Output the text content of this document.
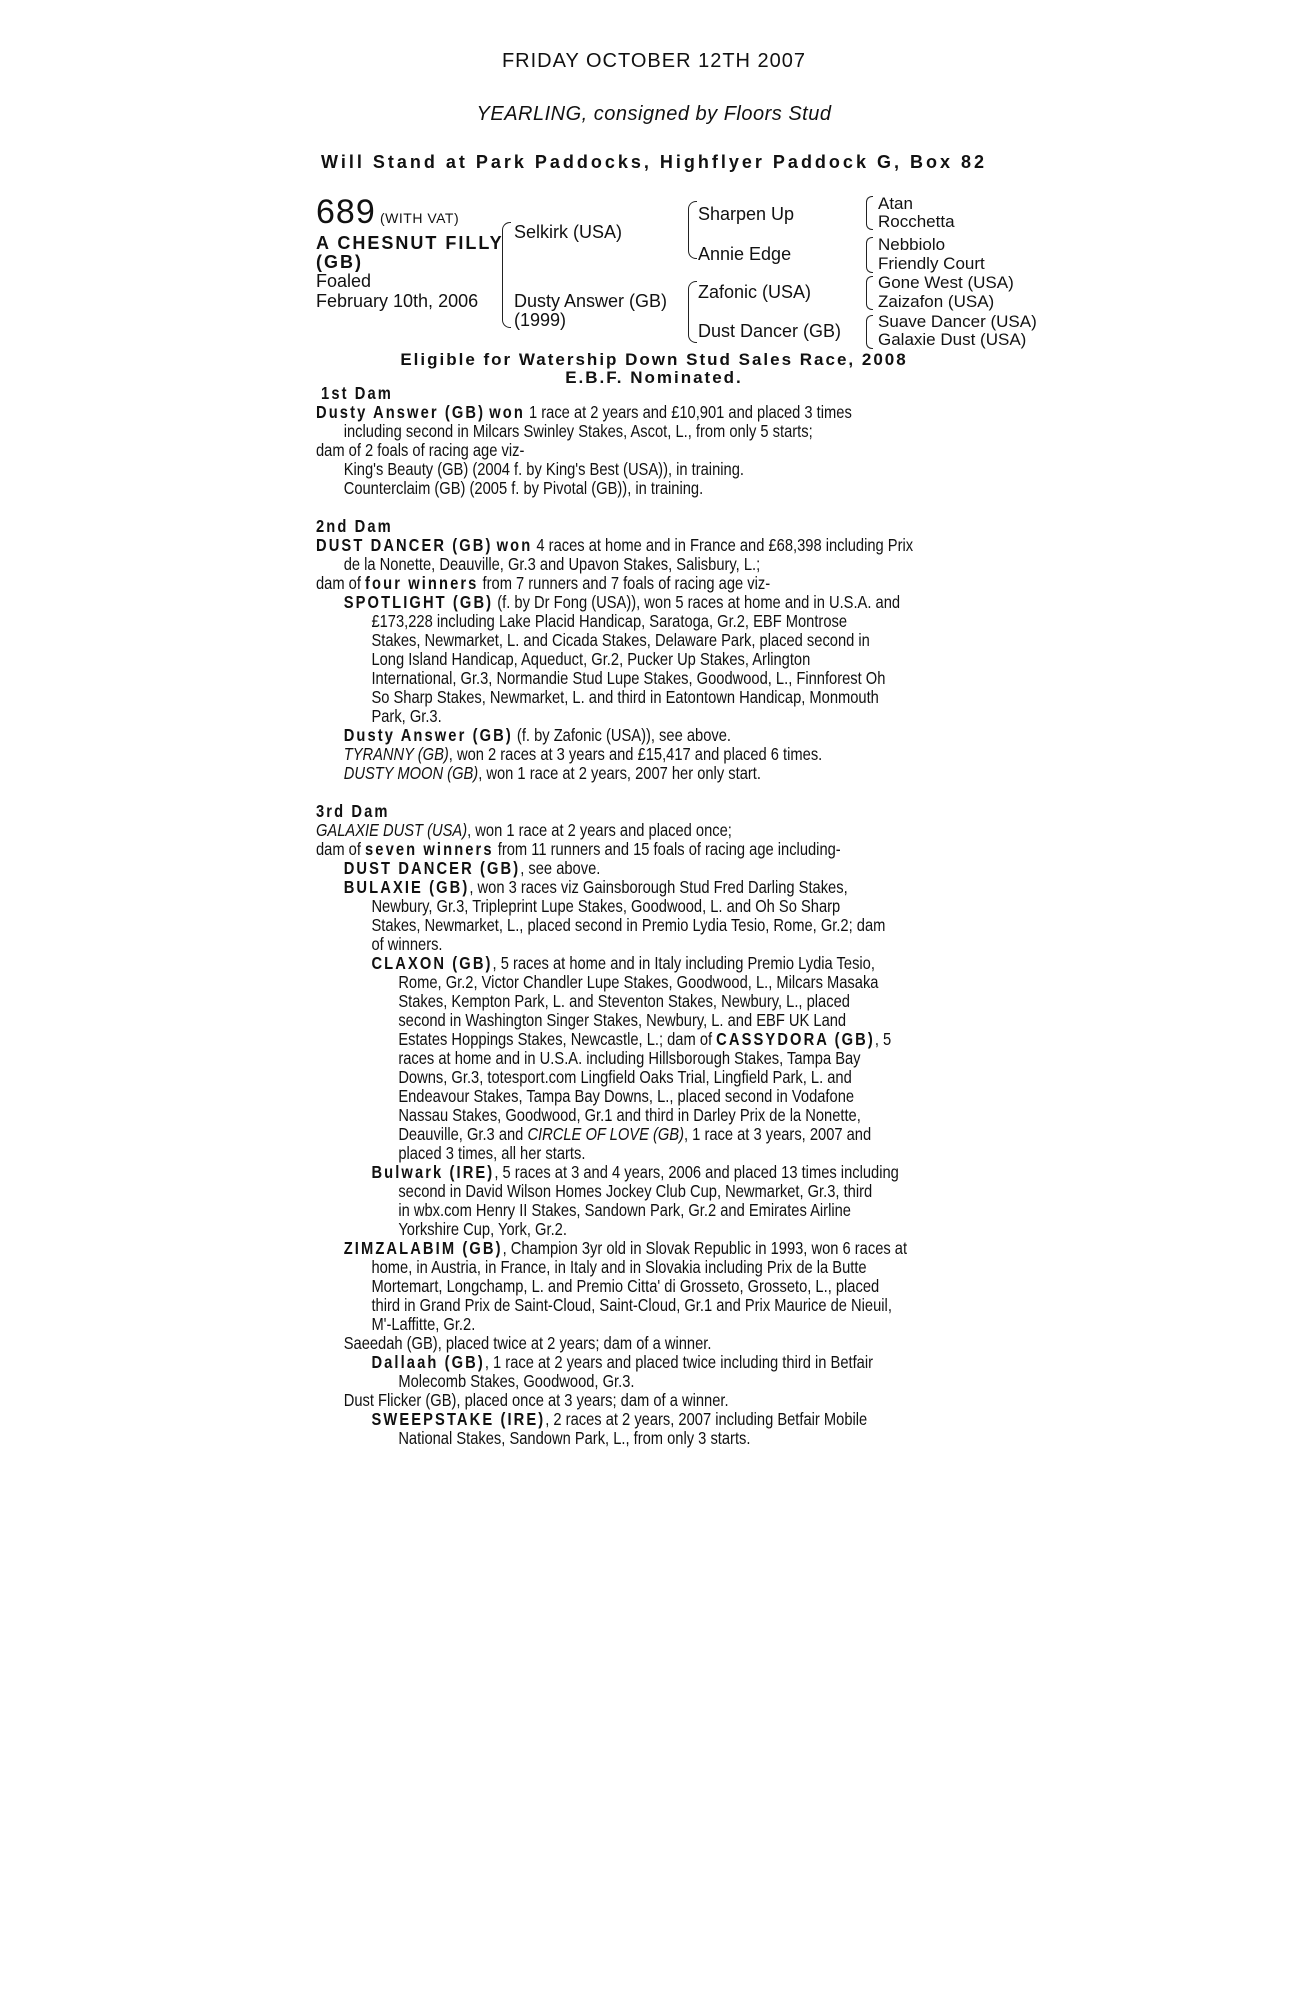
FRIDAY OCTOBER 12TH 2007
YEARLING, consigned by Floors Stud
Will Stand at Park Paddocks, Highflyer Paddock G, Box 82
689 (WITH VAT)
A CHESNUT FILLY
(GB)
Foaled
February 10th, 2006
Selkirk (USA)
Dusty Answer (GB)
(1999)
Sharpen Up
Annie Edge
Zafonic (USA)
Dust Dancer (GB)
Atan
Rocchetta
Nebbiolo
Friendly Court
Gone West (USA)
Zaizafon (USA)
Suave Dancer (USA)
Galaxie Dust (USA)
Eligible for Watership Down Stud Sales Race, 2008
E.B.F. Nominated.
1st Dam
Dusty Answer (GB) won 1 race at 2 years and £10,901 and placed 3 times
including second in Milcars Swinley Stakes, Ascot, L., from only 5 starts;
dam of 2 foals of racing age viz-
King's Beauty (GB) (2004 f. by King's Best (USA)), in training.
Counterclaim (GB) (2005 f. by Pivotal (GB)), in training.
2nd Dam
DUST DANCER (GB) won 4 races at home and in France and £68,398 including Prix
de la Nonette, Deauville, Gr.3 and Upavon Stakes, Salisbury, L.;
dam of four winners from 7 runners and 7 foals of racing age viz-
SPOTLIGHT (GB) (f. by Dr Fong (USA)), won 5 races at home and in U.S.A. and
£173,228 including Lake Placid Handicap, Saratoga, Gr.2, EBF Montrose
Stakes, Newmarket, L. and Cicada Stakes, Delaware Park, placed second in
Long Island Handicap, Aqueduct, Gr.2, Pucker Up Stakes, Arlington
International, Gr.3, Normandie Stud Lupe Stakes, Goodwood, L., Finnforest Oh
So Sharp Stakes, Newmarket, L. and third in Eatontown Handicap, Monmouth
Park, Gr.3.
Dusty Answer (GB) (f. by Zafonic (USA)), see above.
TYRANNY (GB), won 2 races at 3 years and £15,417 and placed 6 times.
DUSTY MOON (GB), won 1 race at 2 years, 2007 her only start.
3rd Dam
GALAXIE DUST (USA), won 1 race at 2 years and placed once;
dam of seven winners from 11 runners and 15 foals of racing age including-
DUST DANCER (GB), see above.
BULAXIE (GB), won 3 races viz Gainsborough Stud Fred Darling Stakes,
Newbury, Gr.3, Tripleprint Lupe Stakes, Goodwood, L. and Oh So Sharp
Stakes, Newmarket, L., placed second in Premio Lydia Tesio, Rome, Gr.2; dam
of winners.
CLAXON (GB), 5 races at home and in Italy including Premio Lydia Tesio,
Rome, Gr.2, Victor Chandler Lupe Stakes, Goodwood, L., Milcars Masaka
Stakes, Kempton Park, L. and Steventon Stakes, Newbury, L., placed
second in Washington Singer Stakes, Newbury, L. and EBF UK Land
Estates Hoppings Stakes, Newcastle, L.; dam of CASSYDORA (GB), 5
races at home and in U.S.A. including Hillsborough Stakes, Tampa Bay
Downs, Gr.3, totesport.com Lingfield Oaks Trial, Lingfield Park, L. and
Endeavour Stakes, Tampa Bay Downs, L., placed second in Vodafone
Nassau Stakes, Goodwood, Gr.1 and third in Darley Prix de la Nonette,
Deauville, Gr.3 and CIRCLE OF LOVE (GB), 1 race at 3 years, 2007 and
placed 3 times, all her starts.
Bulwark (IRE), 5 races at 3 and 4 years, 2006 and placed 13 times including
second in David Wilson Homes Jockey Club Cup, Newmarket, Gr.3, third
in wbx.com Henry II Stakes, Sandown Park, Gr.2 and Emirates Airline
Yorkshire Cup, York, Gr.2.
ZIMZALABIM (GB), Champion 3yr old in Slovak Republic in 1993, won 6 races at
home, in Austria, in France, in Italy and in Slovakia including Prix de la Butte
Mortemart, Longchamp, L. and Premio Citta' di Grosseto, Grosseto, L., placed
third in Grand Prix de Saint-Cloud, Saint-Cloud, Gr.1 and Prix Maurice de Nieuil,
M'-Laffitte, Gr.2.
Saeedah (GB), placed twice at 2 years; dam of a winner.
Dallaah (GB), 1 race at 2 years and placed twice including third in Betfair
Molecomb Stakes, Goodwood, Gr.3.
Dust Flicker (GB), placed once at 3 years; dam of a winner.
SWEEPSTAKE (IRE), 2 races at 2 years, 2007 including Betfair Mobile
National Stakes, Sandown Park, L., from only 3 starts.
